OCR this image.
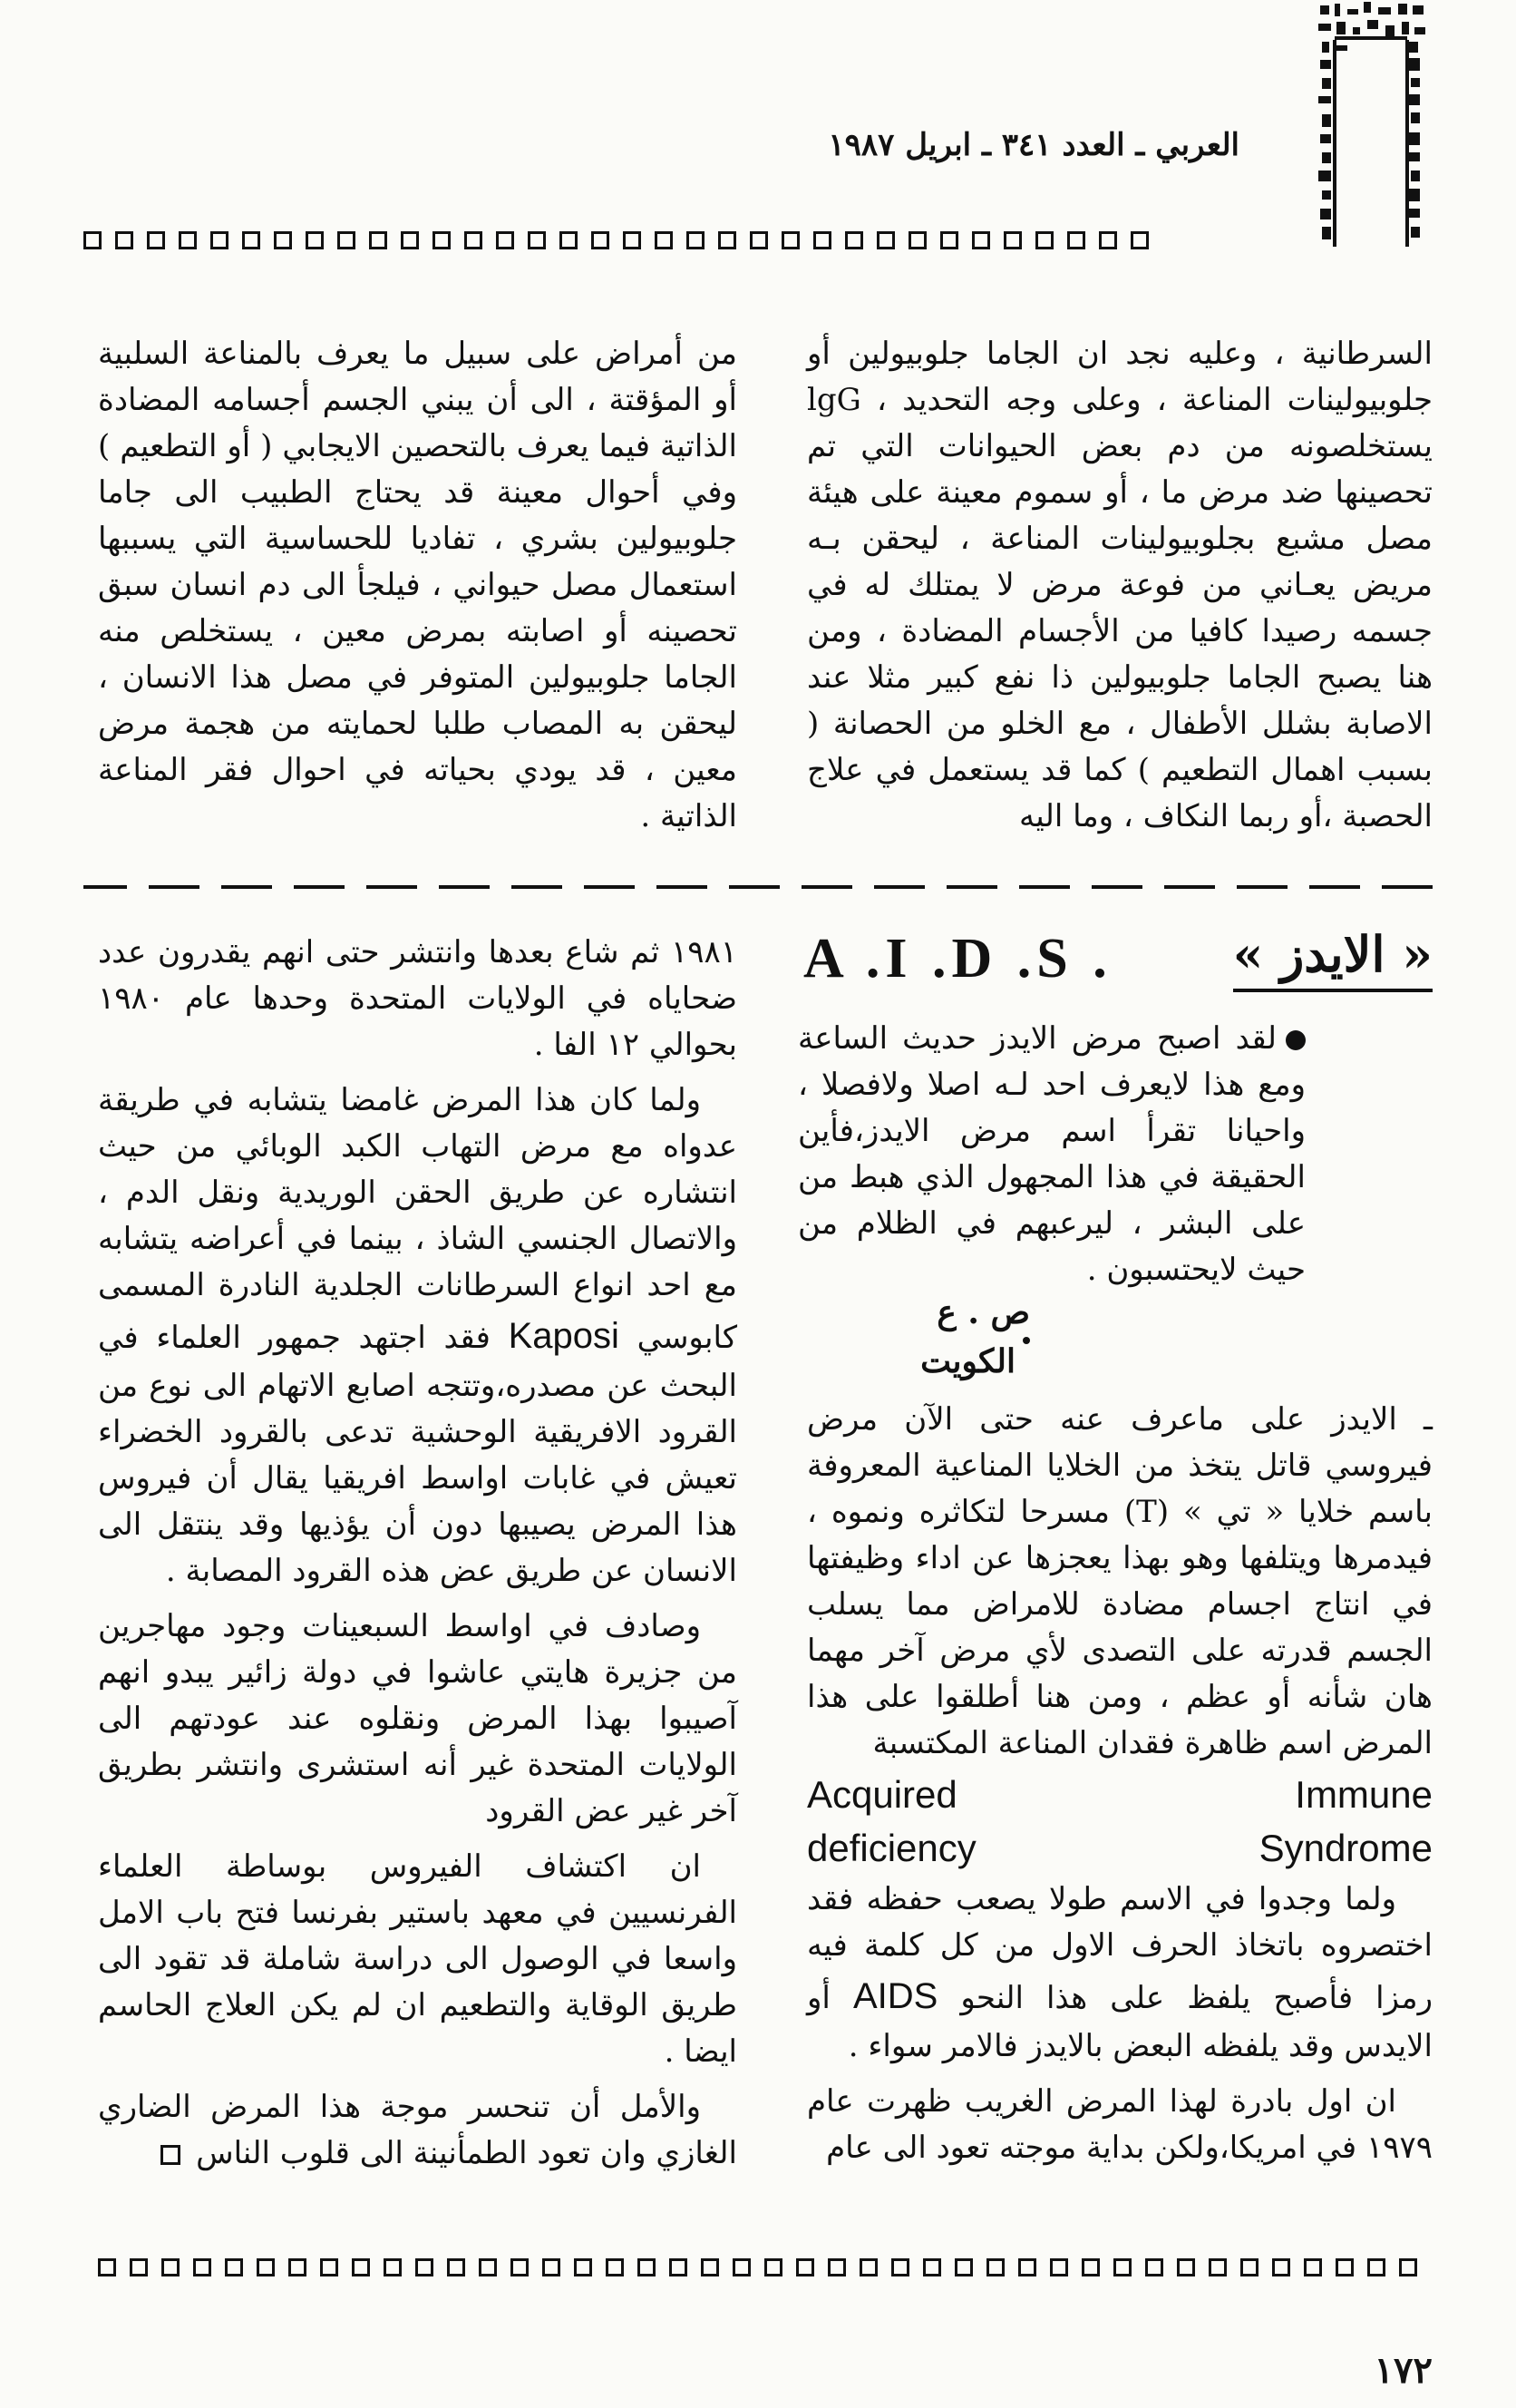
العربي ـ العدد ٣٤١ ـ ابريل ١٩٨٧

السرطانية ، وعليه نجد ان الجاما جلوبيولين أو جلوبيولينات المناعة ، وعلى وجه التحديد ، lgG يستخلصونه من دم بعض الحيوانات التي تم تحصينها ضد مرض ما ، أو سموم معينة على هيئة مصل مشبع بجلوبيولينات المناعة ، ليحقن بـه مريض يعـاني من فوعة مرض لا يمتلك له في جسمه رصيدا كافيا من الأجسام المضادة ، ومن هنا يصبح الجاما جلوبيولين ذا نفع كبير مثلا عند الاصابة بشلل الأطفال ، مع الخلو من الحصانة ( بسبب اهمال التطعيم ) كما قد يستعمل في علاج الحصبة ،أو ربما النكاف ، وما اليه

من أمراض على سبيل ما يعرف بالمناعة السلبية أو المؤقتة ، الى أن يبني الجسم أجسامه المضادة الذاتية فيما يعرف بالتحصين الايجابي ( أو التطعيم ) وفي أحوال معينة قد يحتاج الطبيب الى جاما جلوبيولين بشري ، تفاديا للحساسية التي يسببها استعمال مصل حيواني ، فيلجأ الى دم انسان سبق تحصينه أو اصابته بمرض معين ، يستخلص منه الجاما جلوبيولين المتوفر في مصل هذا الانسان ، ليحقن به المصاب طلبا لحمايته من هجمة مرض معين ، قد يودي بحياته في احوال فقر المناعة الذاتية .

« الايدز »
A .I .D .S .
لقد اصبح مرض الايدز حديث الساعة ومع هذا لايعرف احد لـه اصلا ولافصلا ، واحيانا تقرأ اسم مرض الايدز،فأين الحقيقة في هذا المجهول الذي هبط من على البشر ، ليرعبهم في الظلام من حيث لايحتسبون .
ص . ع
الكويت

ـ الايدز على ماعرف عنه حتى الآن مرض فيروسي قاتل يتخذ من الخلايا المناعية المعروفة باسم خلايا « تي » (T) مسرحا لتكاثره ونموه ، فيدمرها ويتلفها وهو بهذا يعجزها عن اداء وظيفتها في انتاج اجسام مضادة للامراض مما يسلب الجسم قدرته على التصدى لأي مرض آخر مهما هان شأنه أو عظم ، ومن هنا أطلقوا على هذا المرض اسم ظاهرة فقدان المناعة المكتسبة

Acquired Immune
deficiency Syndrome

ولما وجدوا في الاسم طولا يصعب حفظه فقد اختصروه باتخاذ الحرف الاول من كل كلمة فيه رمزا فأصبح يلفظ على هذا النحو AIDS أو الايدس وقد يلفظه البعض بالايدز فالامر سواء .

ان اول بادرة لهذا المرض الغريب ظهرت عام ١٩٧٩ في امريكا،ولكن بداية موجته تعود الى عام

١٩٨١ ثم شاع بعدها وانتشر حتى انهم يقدرون عدد ضحاياه في الولايات المتحدة وحدها عام ١٩٨٠ بحوالي ١٢ الفا .

ولما كان هذا المرض غامضا يتشابه في طريقة عدواه مع مرض التهاب الكبد الوبائي من حيث انتشاره عن طريق الحقن الوريدية ونقل الدم ، والاتصال الجنسي الشاذ ، بينما في أعراضه يتشابه مع احد انواع السرطانات الجلدية النادرة المسمى كابوسي Kaposi فقد اجتهد جمهور العلماء في البحث عن مصدره،وتتجه اصابع الاتهام الى نوع من القرود الافريقية الوحشية تدعى بالقرود الخضراء تعيش في غابات اواسط افريقيا يقال أن فيروس هذا المرض يصيبها دون أن يؤذيها وقد ينتقل الى الانسان عن طريق عض هذه القرود المصابة .

وصادف في اواسط السبعينات وجود مهاجرين من جزيرة هايتي عاشوا في دولة زائير يبدو انهم آصيبوا بهذا المرض ونقلوه عند عودتهم الى الولايات المتحدة غير أنه استشرى وانتشر بطريق آخر غير عض القرود

ان اكتشاف الفيروس بوساطة العلماء الفرنسيين في معهد باستير بفرنسا فتح باب الامل واسعا في الوصول الى دراسة شاملة قد تقود الى طريق الوقاية والتطعيم ان لم يكن العلاج الحاسم ايضا .

والأمل أن تنحسر موجة هذا المرض الضاري الغازي وان تعود الطمأنينة الى قلوب الناس

١٧٢
